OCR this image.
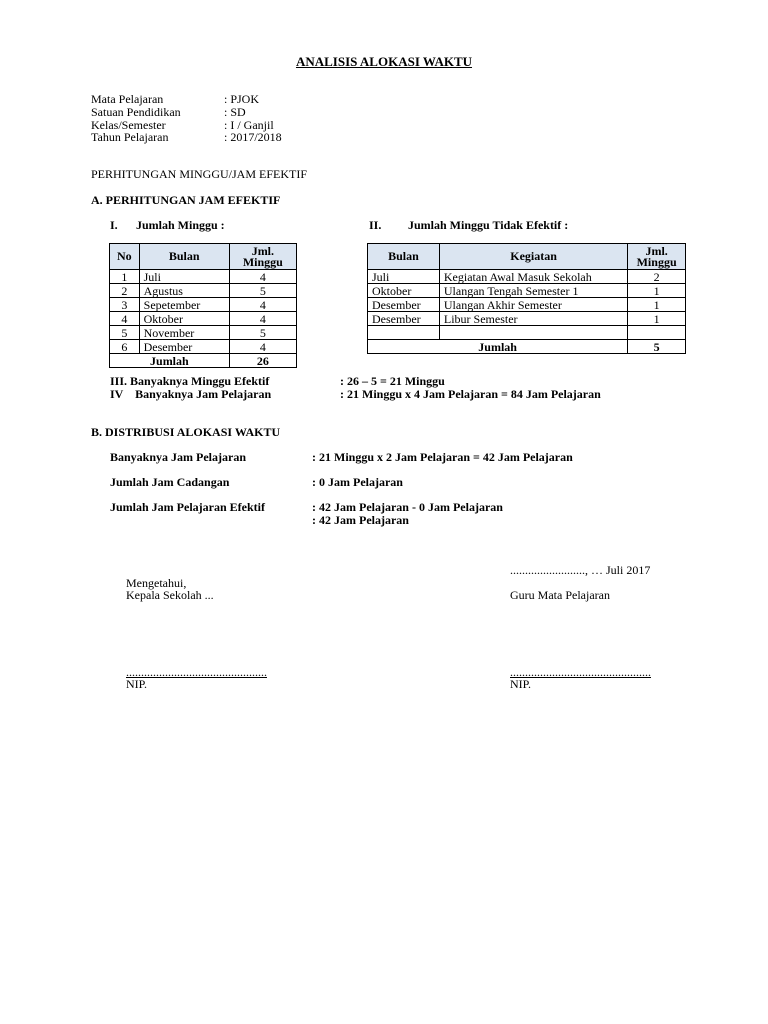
ANALISIS ALOKASI WAKTU
Mata Pelajaran	: PJOK
Satuan Pendidikan	: SD
Kelas/Semester	: I / Ganjil
Tahun Pelajaran	: 2017/2018
PERHITUNGAN MINGGU/JAM EFEKTIF
A. PERHITUNGAN JAM EFEKTIF
I. Jumlah Minggu :	II. Jumlah Minggu Tidak Efektif :
No	Bulan	Jml. Minggu
1	Juli	4
2	Agustus	5
3	Sepetember	4
4	Oktober	4
5	November	5
6	Desember	4
Jumlah		26
Bulan	Kegiatan	Jml. Minggu
Juli	Kegiatan Awal Masuk Sekolah	2
Oktober	Ulangan Tengah Semester 1	1
Desember	Ulangan Akhir Semester	1
Desember	Libur Semester	1

Jumlah		5
III. Banyaknya Minggu Efektif	: 26 – 5 = 21 Minggu
IV    Banyaknya Jam Pelajaran	: 21 Minggu x 4 Jam Pelajaran = 84 Jam Pelajaran
B. DISTRIBUSI ALOKASI WAKTU
Banyaknya Jam Pelajaran	: 21 Minggu x 2 Jam Pelajaran = 42 Jam Pelajaran
Jumlah Jam Cadangan	: 0 Jam Pelajaran
Jumlah Jam Pelajaran Efektif	: 42 Jam Pelajaran - 0 Jam Pelajaran
: 42 Jam Pelajaran
........................., … Juli 2017
Mengetahui,
Kepala Sekolah ...	Guru Mata Pelajaran
...............................................
NIP.
...............................................
NIP.
